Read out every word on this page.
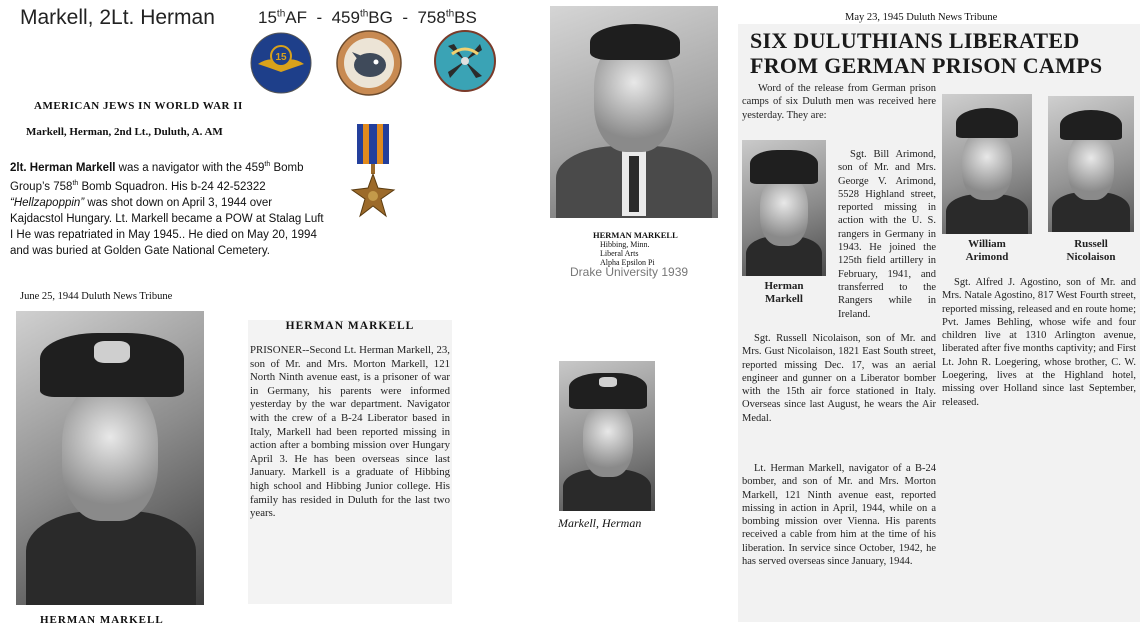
Markell, 2Lt. Herman	15thAF - 459thBG - 758thBS
15
AMERICAN JEWS IN WORLD WAR II
Markell, Herman, 2nd Lt., Duluth, A. AM
2lt. Herman Markell was a navigator with the 459th Bomb Group’s 758th Bomb Squadron. His b-24 42-52322 “Hellzapoppin” was shot down on April 3, 1944 over Kajdacstol Hungary. Lt. Markell became a POW at Stalag Luft I He was repatriated in May 1945.. He died on May 20, 1994 and was buried at Golden Gate National Cemetery.
June 25, 1944 Duluth News Tribune
HERMAN MARKELL
HERMAN MARKELL
PRISONER--Second Lt. Herman Markell, 23, son of Mr. and Mrs. Morton Markell, 121 North Ninth avenue east, is a prisoner of war in Germany, his parents were informed yesterday by the war department. Navigator with the crew of a B-24 Liberator based in Italy, Markell had been reported missing in action after a bombing mission over Hungary April 3. He has been overseas since last January. Markell is a graduate of Hibbing high school and Hibbing Junior college. His family has resided in Duluth for the last two years.
HERMAN MARKELL
Hibbing, Minn.
Liberal Arts
Alpha Epsilon Pi
Drake University 1939
Markell, Herman
May 23, 1945 Duluth News Tribune
SIX DULUTHIANS LIBERATED
FROM GERMAN PRISON CAMPS
Word of the release from German prison camps of six Duluth men was received here yesterday. They are:
Herman
Markell
Sgt. Bill Arimond, son of Mr. and Mrs. George V. Arimond, 5528 Highland street, reported missing in action with the U. S. rangers in Germany in 1943. He joined the 125th field artillery in February, 1941, and transferred to the Rangers while in Ireland.
Lt. Herman Markell, navigator of a B-24 bomber, and son of Mr. and Mrs. Morton Markell, 121 Ninth avenue east, reported missing in action in April, 1944, while on a bombing mission over Vienna. His parents received a cable from him at the time of his liberation. In service since October, 1942, he has served overseas since January, 1944.
Sgt. Russell Nicolaison, son of Mr. and Mrs. Gust Nicolaison, 1821 East South street, reported missing Dec. 17, was an aerial engineer and gunner on a Liberator bomber with the 15th air force stationed in Italy. Overseas since last August, he wears the Air Medal.
William
Arimond
Russell
Nicolaison
Sgt. Alfred J. Agostino, son of Mr. and Mrs. Natale Agostino, 817 West Fourth street, reported missing, released and en route home; Pvt. James Behling, whose wife and four children live at 1310 Arlington avenue, liberated after five months captivity; and First Lt. John R. Loegering, whose brother, C. W. Loegering, lives at the Highland hotel, missing over Holland since last September, released.
